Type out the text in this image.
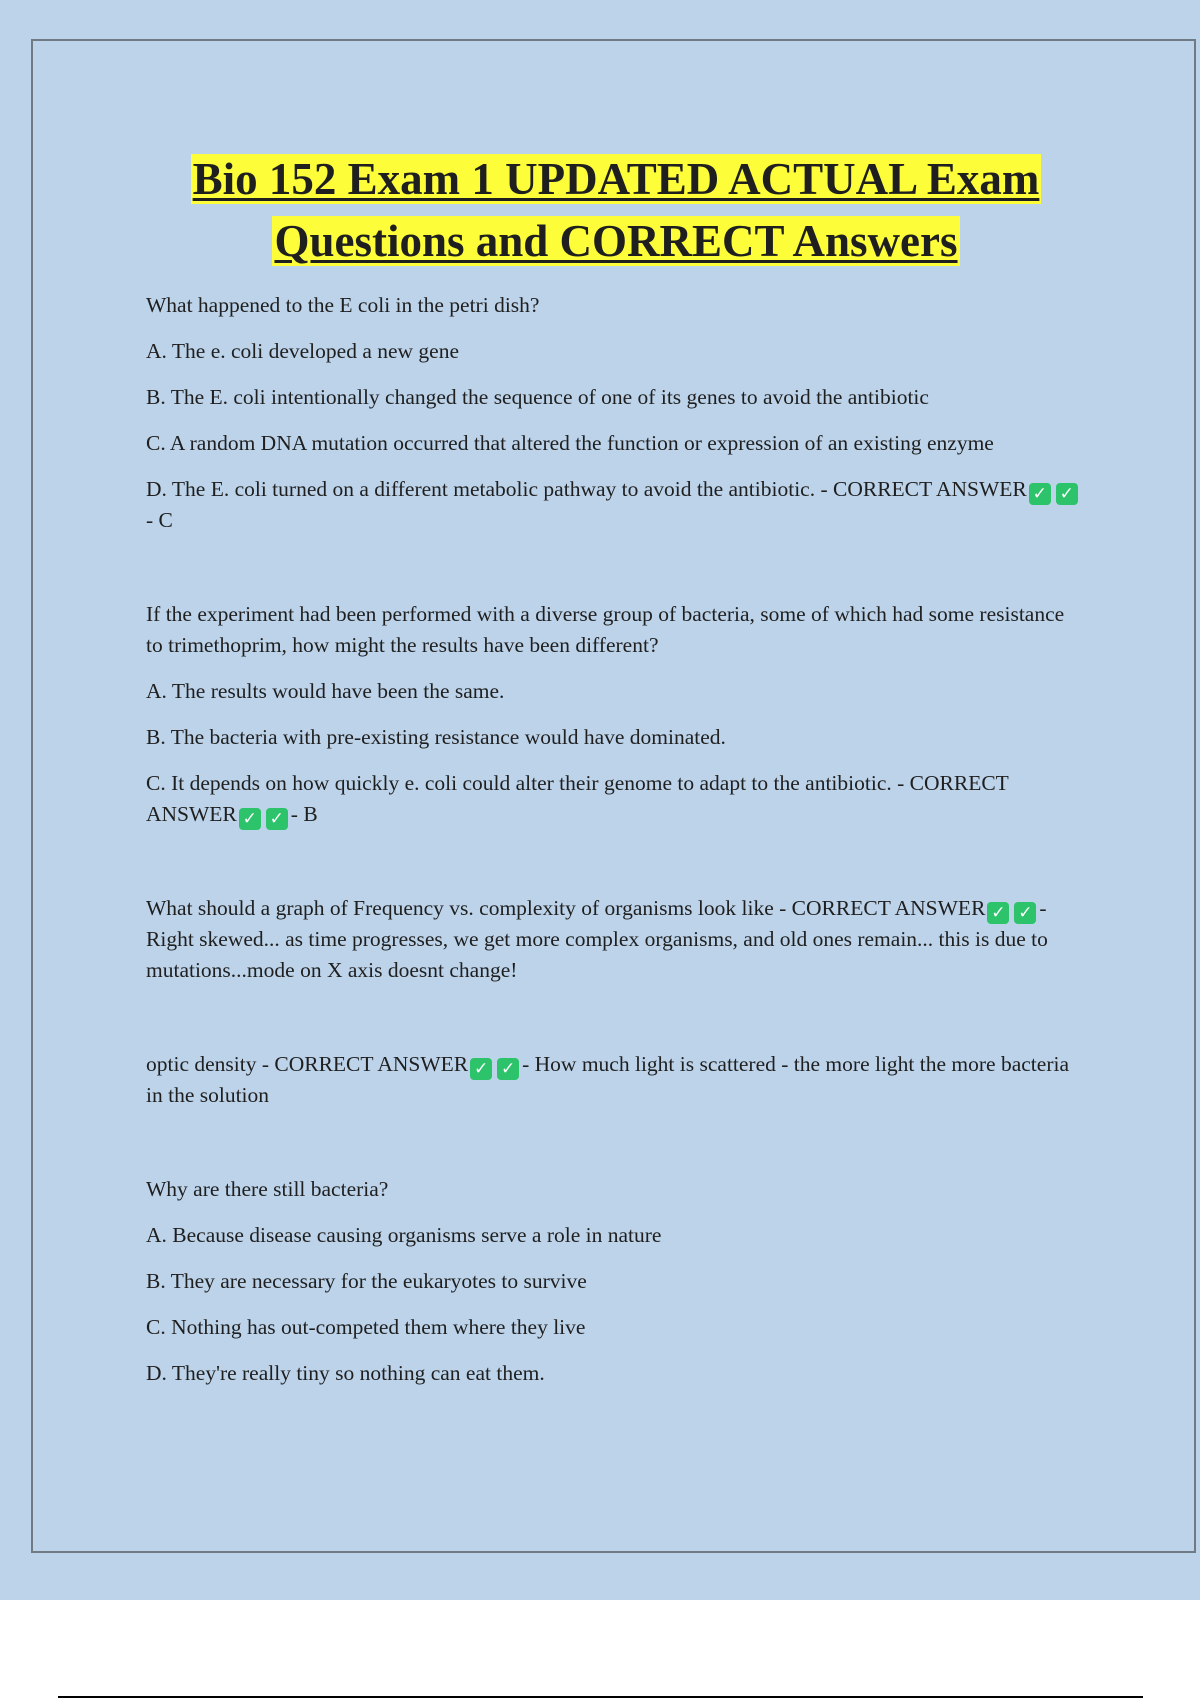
Bio 152 Exam 1 UPDATED ACTUAL Exam
Questions and CORRECT Answers

What happened to the E coli in the petri dish?

A. The e. coli developed a new gene

B. The E. coli intentionally changed the sequence of one of its genes to avoid the antibiotic

C. A random DNA mutation occurred that altered the function or expression of an existing enzyme

D. The E. coli turned on a different metabolic pathway to avoid the antibiotic. - CORRECT ANSWER ✓ ✓- C

If the experiment had been performed with a diverse group of bacteria, some of which had some resistance to trimethoprim, how might the results have been different?

A. The results would have been the same.

B. The bacteria with pre-existing resistance would have dominated.

C. It depends on how quickly e. coli could alter their genome to adapt to the antibiotic. - CORRECT ANSWER ✓ ✓ - B

What should a graph of Frequency vs. complexity of organisms look like - CORRECT ANSWER ✓ ✓ - Right skewed... as time progresses, we get more complex organisms, and old ones remain... this is due to mutations...mode on X axis doesnt change!

optic density - CORRECT ANSWER ✓ ✓ - How much light is scattered - the more light the more bacteria in the solution

Why are there still bacteria?

A. Because disease causing organisms serve a role in nature

B. They are necessary for the eukaryotes to survive

C. Nothing has out-competed them where they live

D. They're really tiny so nothing can eat them.
